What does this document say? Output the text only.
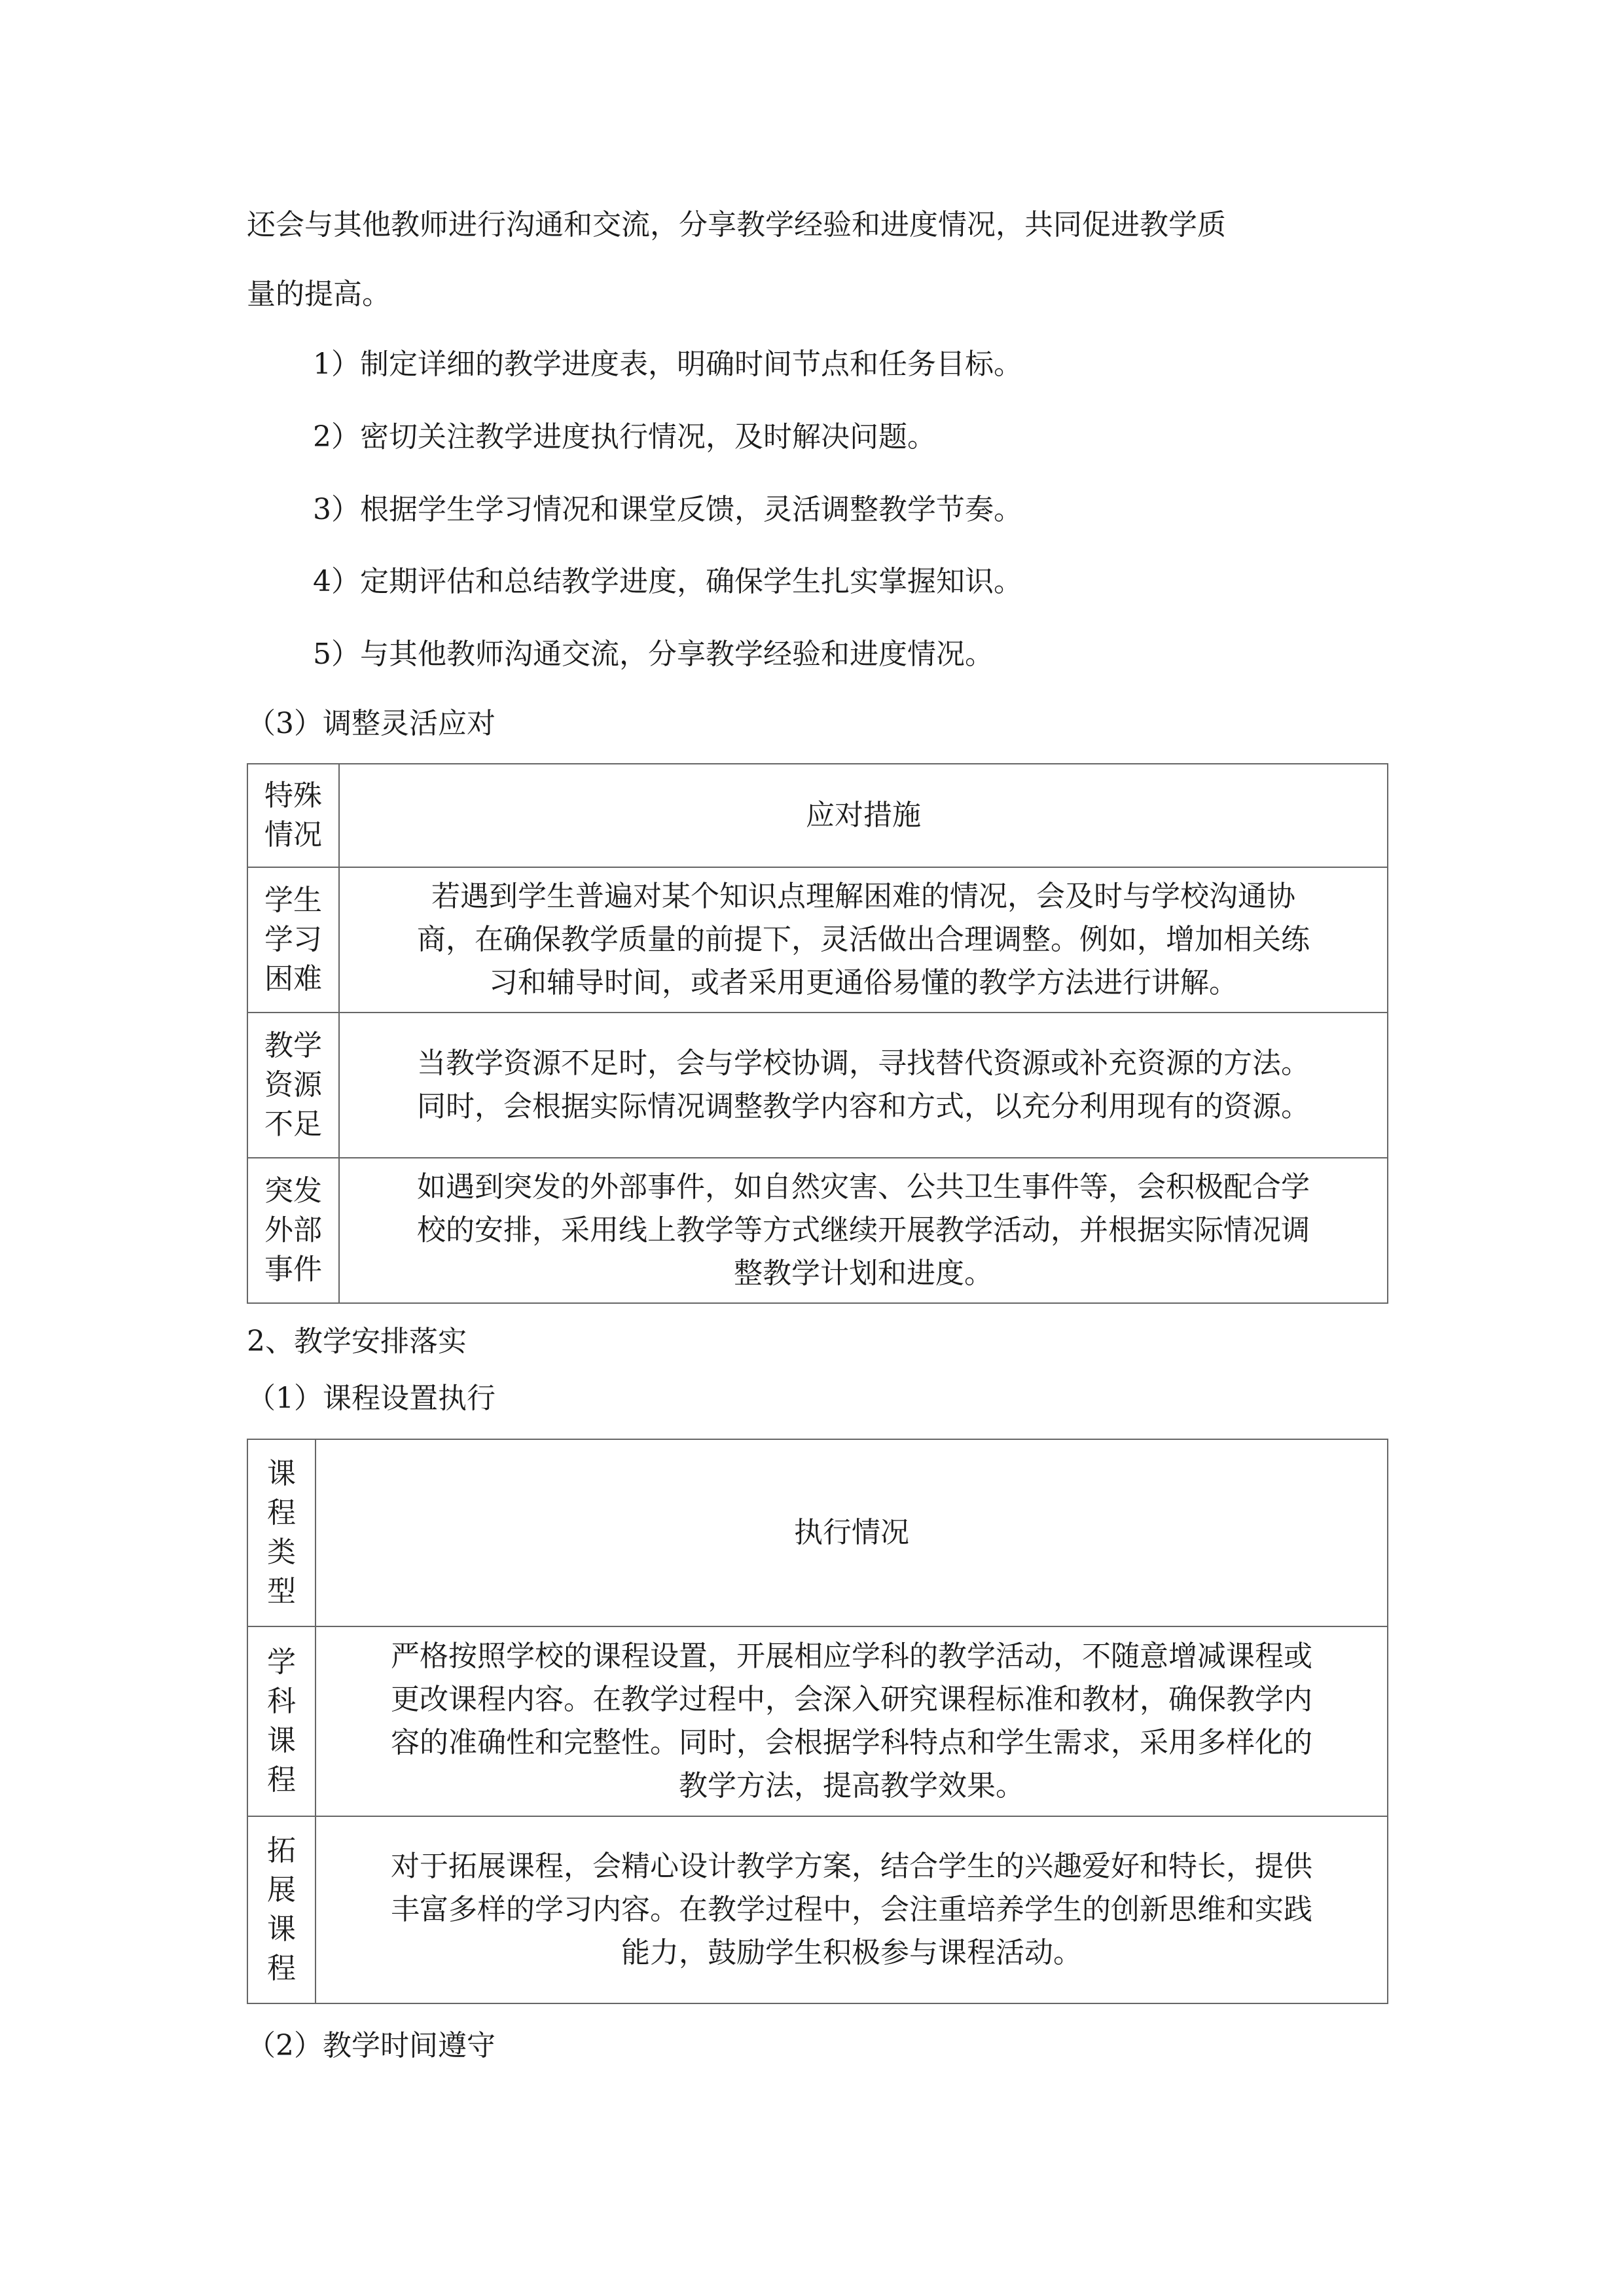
还会与其他教师进行沟通和交流，分享教学经验和进度情况，共同促进教学质
量的提高。
1）制定详细的教学进度表，明确时间节点和任务目标。
2）密切关注教学进度执行情况，及时解决问题。
3）根据学生学习情况和课堂反馈，灵活调整教学节奏。
4）定期评估和总结教学进度，确保学生扎实掌握知识。
5）与其他教师沟通交流，分享教学经验和进度情况。
（3）调整灵活应对
特殊
情况	应对措施

学生
学习
困难	若遇到学生普遍对某个知识点理解困难的情况，会及时与学校沟通协
商，在确保教学质量的前提下，灵活做出合理调整。例如，增加相关练
习和辅导时间，或者采用更通俗易懂的教学方法进行讲解。

教学
资源
不足	当教学资源不足时，会与学校协调，寻找替代资源或补充资源的方法。
同时，会根据实际情况调整教学内容和方式，以充分利用现有的资源。

突发
外部
事件	如遇到突发的外部事件，如自然灾害、公共卫生事件等，会积极配合学
校的安排，采用线上教学等方式继续开展教学活动，并根据实际情况调
整教学计划和进度。
2、教学安排落实
（1）课程设置执行
课
程
类
型	执行情况

学
科
课
程	严格按照学校的课程设置，开展相应学科的教学活动，不随意增减课程或
更改课程内容。在教学过程中，会深入研究课程标准和教材，确保教学内
容的准确性和完整性。同时，会根据学科特点和学生需求，采用多样化的
教学方法，提高教学效果。

拓
展
课
程	对于拓展课程，会精心设计教学方案，结合学生的兴趣爱好和特长，提供
丰富多样的学习内容。在教学过程中，会注重培养学生的创新思维和实践
能力，鼓励学生积极参与课程活动。
（2）教学时间遵守
